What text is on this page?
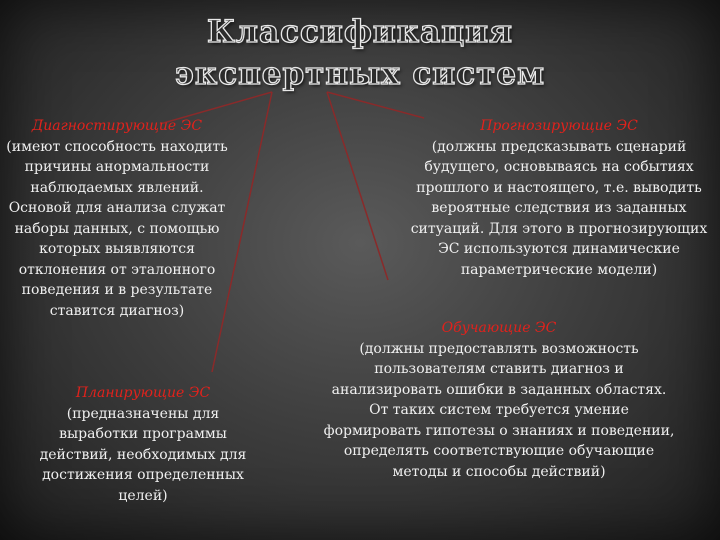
Классификация
экспертных систем
Диагностирующие ЭС
(имеют способность находить причины анормальности наблюдаемых явлений. Основой для анализа служат наборы данных, с помощью которых выявляются отклонения от эталонного поведения и в результате ставится диагноз)
Планирующие ЭС
(предназначены для выработки программы действий, необходимых для достижения определенных целей)
Прогнозирующие ЭС
(должны предсказывать сценарий будущего, основываясь на событиях прошлого и настоящего, т.е. выводить вероятные следствия из заданных ситуаций. Для этого в прогнозирующих ЭС используются динамические параметрические модели)
Обучающие ЭС
(должны предоставлять возможность пользователям ставить диагноз и анализировать ошибки в заданных областях. От таких систем требуется умение формировать гипотезы о знаниях и поведении, определять соответствующие обучающие методы и способы действий)
